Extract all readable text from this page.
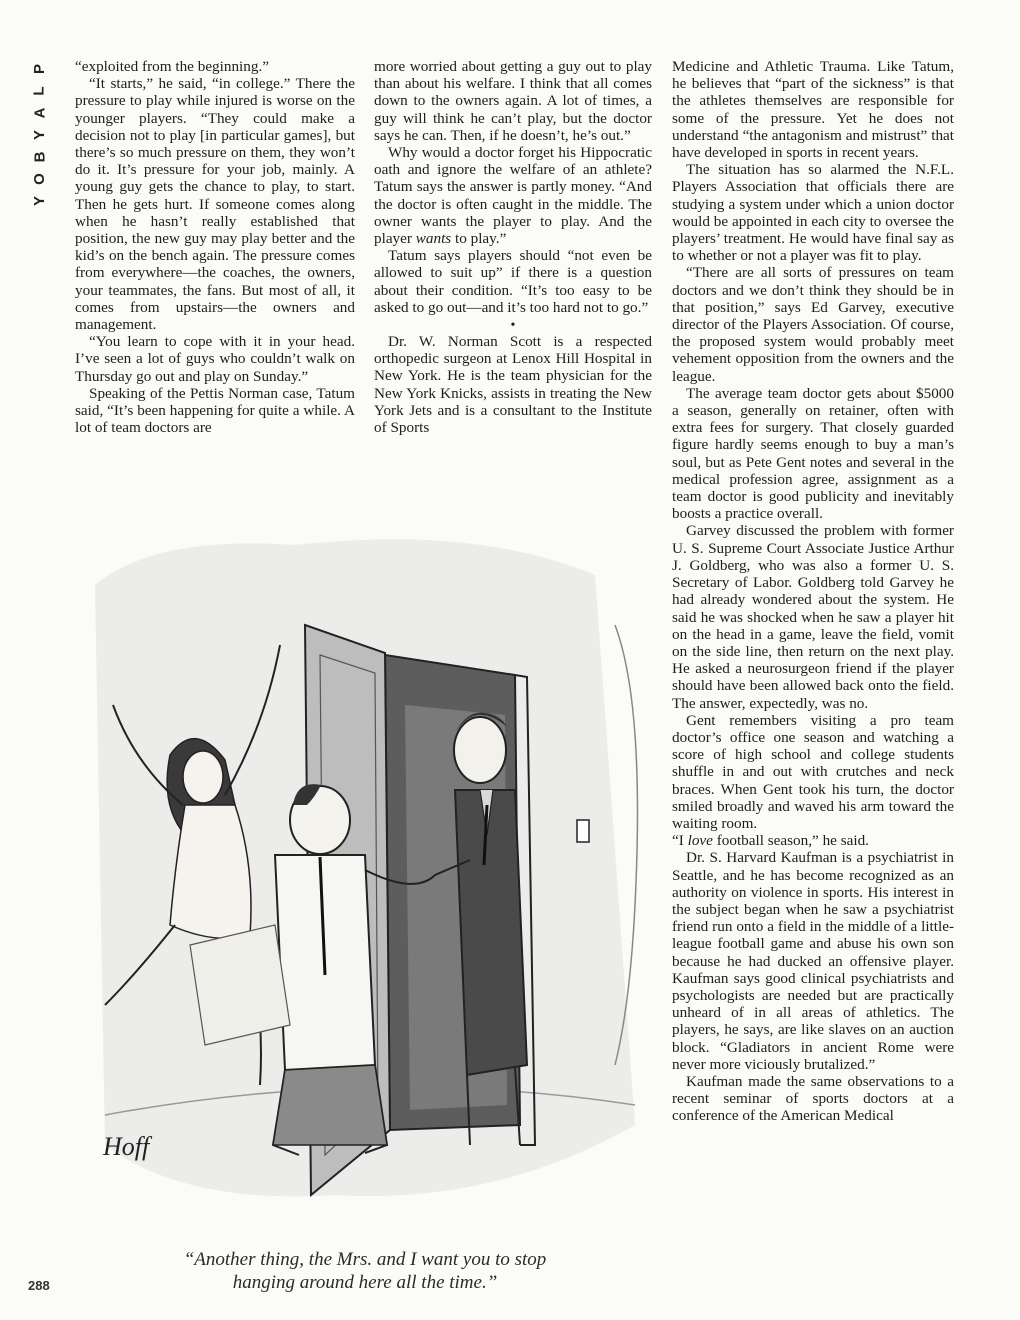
P
L
A
Y
B
O
Y

“exploited from the beginning.”

“It starts,” he said, “in college.” There the pressure to play while injured is worse on the younger players. “They could make a decision not to play [in particular games], but there’s so much pressure on them, they won’t do it. It’s pressure for your job, mainly. A young guy gets the chance to play, to start. Then he gets hurt. If someone comes along when he hasn’t really established that position, the new guy may play better and the kid’s on the bench again. The pressure comes from everywhere—the coaches, the owners, your teammates, the fans. But most of all, it comes from upstairs—the owners and management.

“You learn to cope with it in your head. I’ve seen a lot of guys who couldn’t walk on Thursday go out and play on Sunday.”

Speaking of the Pettis Norman case, Tatum said, “It’s been happening for quite a while. A lot of team doctors are

more worried about getting a guy out to play than about his welfare. I think that all comes down to the owners again. A lot of times, a guy will think he can’t play, but the doctor says he can. Then, if he doesn’t, he’s out.”

Why would a doctor forget his Hippocratic oath and ignore the welfare of an athlete? Tatum says the answer is partly money. “And the doctor is often caught in the middle. The owner wants the player to play. And the player wants to play.”

Tatum says players should “not even be allowed to suit up” if there is a question about their condition. “It’s too easy to be asked to go out—and it’s too hard not to go.”

•

Dr. W. Norman Scott is a respected orthopedic surgeon at Lenox Hill Hospital in New York. He is the team physician for the New York Knicks, assists in treating the New York Jets and is a consultant to the Institute of Sports

Medicine and Athletic Trauma. Like Tatum, he believes that “part of the sickness” is that the athletes themselves are responsible for some of the pressure. Yet he does not understand “the antagonism and mistrust” that have developed in sports in recent years.

The situation has so alarmed the N.F.L. Players Association that officials there are studying a system under which a union doctor would be appointed in each city to oversee the players’ treatment. He would have final say as to whether or not a player was fit to play.

“There are all sorts of pressures on team doctors and we don’t think they should be in that position,” says Ed Garvey, executive director of the Players Association. Of course, the proposed system would probably meet vehement opposition from the owners and the league.

The average team doctor gets about $5000 a season, generally on retainer, often with extra fees for surgery. That closely guarded figure hardly seems enough to buy a man’s soul, but as Pete Gent notes and several in the medical profession agree, assignment as a team doctor is good publicity and inevitably boosts a practice overall.

Garvey discussed the problem with former U. S. Supreme Court Associate Justice Arthur J. Goldberg, who was also a former U. S. Secretary of Labor. Goldberg told Garvey he had already wondered about the system. He said he was shocked when he saw a player hit on the head in a game, leave the field, vomit on the side line, then return on the next play. He asked a neurosurgeon friend if the player should have been allowed back onto the field. The answer, expectedly, was no.

Gent remembers visiting a pro team doctor’s office one season and watching a score of high school and college students shuffle in and out with crutches and neck braces. When Gent took his turn, the doctor smiled broadly and waved his arm toward the waiting room.

“I love football season,” he said.

Dr. S. Harvard Kaufman is a psychiatrist in Seattle, and he has become recognized as an authority on violence in sports. His interest in the subject began when he saw a psychiatrist friend run onto a field in the middle of a little-league football game and abuse his own son because he had ducked an offensive player. Kaufman says good clinical psychiatrists and psychologists are needed but are practically unheard of in all areas of athletics. The players, he says, are like slaves on an auction block. “Gladiators in ancient Rome were never more viciously brutalized.”

Kaufman made the same observations to a recent seminar of sports doctors at a conference of the American Medical

Hoff
“Another thing, the Mrs. and I want you to stop
hanging around here all the time.”
288
